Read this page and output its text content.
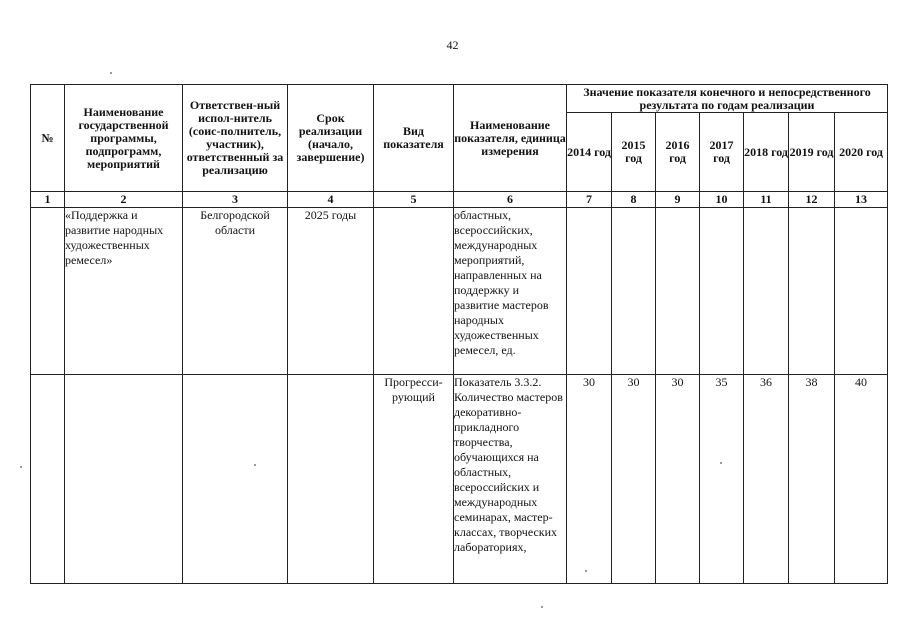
42
№	Наименование государственной программы, подпрограмм, мероприятий	Ответствен-ный испол-нитель (соис-полнитель, участник), ответственный за реализацию	Срок реализации (начало, завершение)	Вид показателя	Наименование показателя, единица измерения	Значение показателя конечного и непосредственного результата по годам реализации						
						2014 год	2015 год	2016 год	2017 год	2018 год	2019 год	2020 год
1	2	3	4	5	6	7	8	9	10	11	12	13
	«Поддержка и развитие народных художественных ремесел»	Белгородской области	2025 годы		областных, всероссийских, международных мероприятий, направленных на поддержку и развитие мастеров народных художественных ремесел, ед.							
				Прогресси-рующий	Показатель 3.3.2. Количество мастеров декоративно-прикладного творчества, обучающихся на областных, всероссийских и международных семинарах, мастер-классах, творческих лабораториях,	30	30	30	35	36	38	40
